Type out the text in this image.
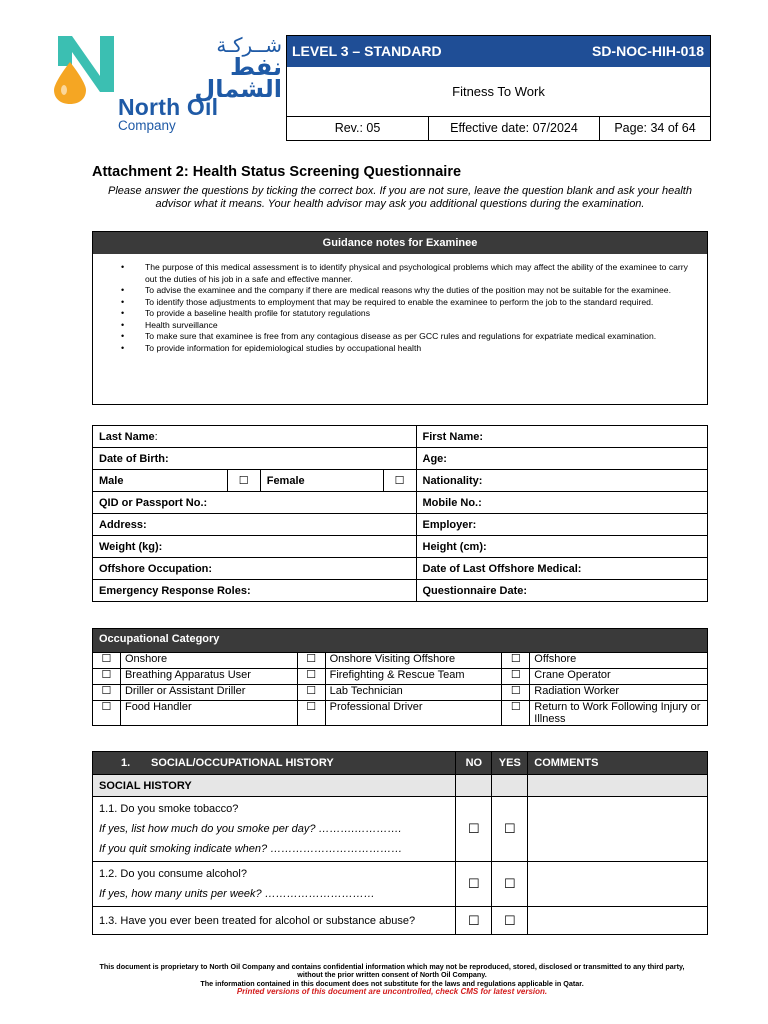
شــركـة
نفط الشمال
North Oil
Company
LEVEL 3 – STANDARD	SD-NOC-HIH-018
Fitness To Work
Rev.: 05	Effective date: 07/2024	Page: 34 of 64
Attachment 2: Health Status Screening Questionnaire
Please answer the questions by ticking the correct box. If you are not sure, leave the question blank and ask your health advisor what it means. Your health advisor may ask you additional questions during the examination.
Guidance notes for Examinee
• The purpose of this medical assessment is to identify physical and psychological problems which may affect the ability of the examinee to carry out the duties of his job in a safe and effective manner.
• To advise the examinee and the company if there are medical reasons why the duties of the position may not be suitable for the examinee.
• To identify those adjustments to employment that may be required to enable the examinee to perform the job to the standard required.
• To provide a baseline health profile for statutory regulations
• Health surveillance
• To make sure that examinee is free from any contagious disease as per GCC rules and regulations for expatriate medical examination.
• To provide information for epidemiological studies by occupational health
Last Name:				First Name:
Date of Birth:				Age:
Male	☐	Female	☐	Nationality:
QID or Passport No.:				Mobile No.:
Address:				Employer:
Weight (kg):				Height (cm):
Offshore Occupation:				Date of Last Offshore Medical:
Emergency Response Roles:				Questionnaire Date:
Occupational Category					
☐	Onshore	☐	Onshore Visiting Offshore	☐	Offshore
☐	Breathing Apparatus User	☐	Firefighting & Rescue Team	☐	Crane Operator
☐	Driller or Assistant Driller	☐	Lab Technician	☐	Radiation Worker
☐	Food Handler	☐	Professional Driver	☐	Return to Work Following Injury or Illness
1. SOCIAL/OCCUPATIONAL HISTORY	NO	YES	COMMENTS
SOCIAL HISTORY			

1.1. Do you smoke tobacco?
If yes, list how much do you smoke per day? ……….………….
If you quit smoking indicate when? ………………………………	☐	☐	

1.2. Do you consume alcohol?
If yes, how many units per week? …………………………	☐	☐	

1.3. Have you ever been treated for alcohol or substance abuse?	☐	☐	
This document is proprietary to North Oil Company and contains confidential information which may not be reproduced, stored, disclosed or transmitted to any third party, without the prior written consent of North Oil Company.
The information contained in this document does not substitute for the laws and regulations applicable in Qatar.
Printed versions of this document are uncontrolled, check CMS for latest version.
